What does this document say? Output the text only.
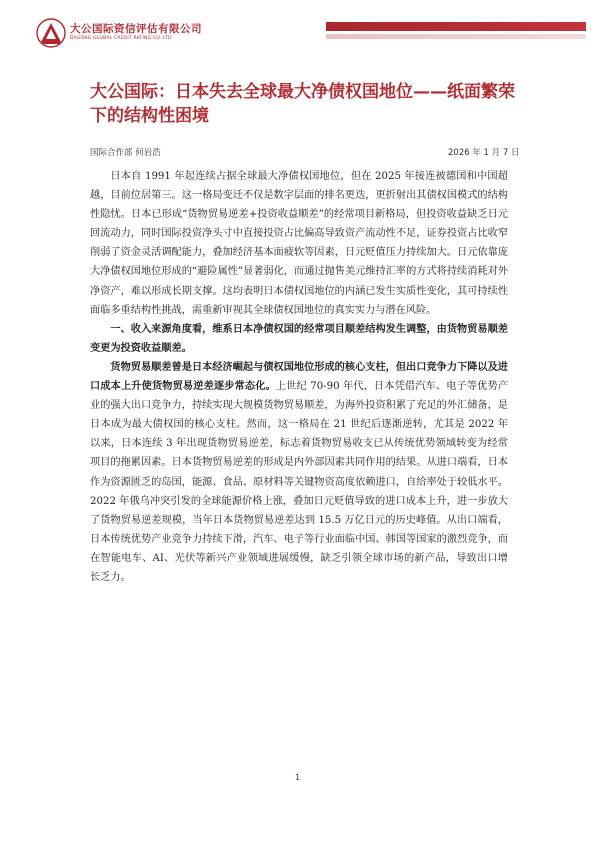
大公国际资信评估有限公司
DAGONG GLOBAL CREDIT RATING CO.,LTD
大公国际：日本失去全球最大净债权国地位——纸面繁荣下的结构性困境
国际合作部 何岩浩	2026 年 1 月 7 日

日本自 1991 年起连续占据全球最大净债权国地位，但在 2025 年接连被德国和中国超越，目前位居第三。这一格局变迁不仅是数字层面的排名更迭，更折射出其债权国模式的结构性隐忧。日本已形成“货物贸易逆差+投资收益顺差”的经常项目新格局，但投资收益缺乏日元回流动力，同时国际投资净头寸中直接投资占比偏高导致资产流动性不足，证券投资占比收窄削弱了资金灵活调配能力，叠加经济基本面疲软等因素，日元贬值压力持续加大。日元依靠庞大净债权国地位形成的“避险属性”显著弱化，而通过抛售美元维持汇率的方式将持续消耗对外净资产，难以形成长期支撑。这均表明日本债权国地位的内涵已发生实质性变化，其可持续性面临多重结构性挑战，需重新审视其全球债权国地位的真实实力与潜在风险。

一、收入来源角度看，维系日本净债权国的经常项目顺差结构发生调整，由货物贸易顺差变更为投资收益顺差。

货物贸易顺差曾是日本经济崛起与债权国地位形成的核心支柱，但出口竞争力下降以及进口成本上升使货物贸易逆差逐步常态化。上世纪 70-90 年代，日本凭借汽车、电子等优势产业的强大出口竞争力，持续实现大规模货物贸易顺差，为海外投资积累了充足的外汇储备，是日本成为最大债权国的核心支柱。然而，这一格局在 21 世纪后逐渐逆转，尤其是 2022 年以来，日本连续 3 年出现货物贸易逆差，标志着货物贸易收支已从传统优势领域转变为经常项目的拖累因素。日本货物贸易逆差的形成是内外部因素共同作用的结果。从进口端看，日本作为资源匮乏的岛国，能源、食品、原材料等关键物资高度依赖进口，自给率处于较低水平。2022 年俄乌冲突引发的全球能源价格上涨，叠加日元贬值导致的进口成本上升，进一步放大了货物贸易逆差规模，当年日本货物贸易逆差达到 15.5 万亿日元的历史峰值。从出口端看，日本传统优势产业竞争力持续下滑，汽车、电子等行业面临中国、韩国等国家的激烈竞争，而在智能电车、AI、光伏等新兴产业领域进展缓慢，缺乏引领全球市场的新产品，导致出口增长乏力。

1
